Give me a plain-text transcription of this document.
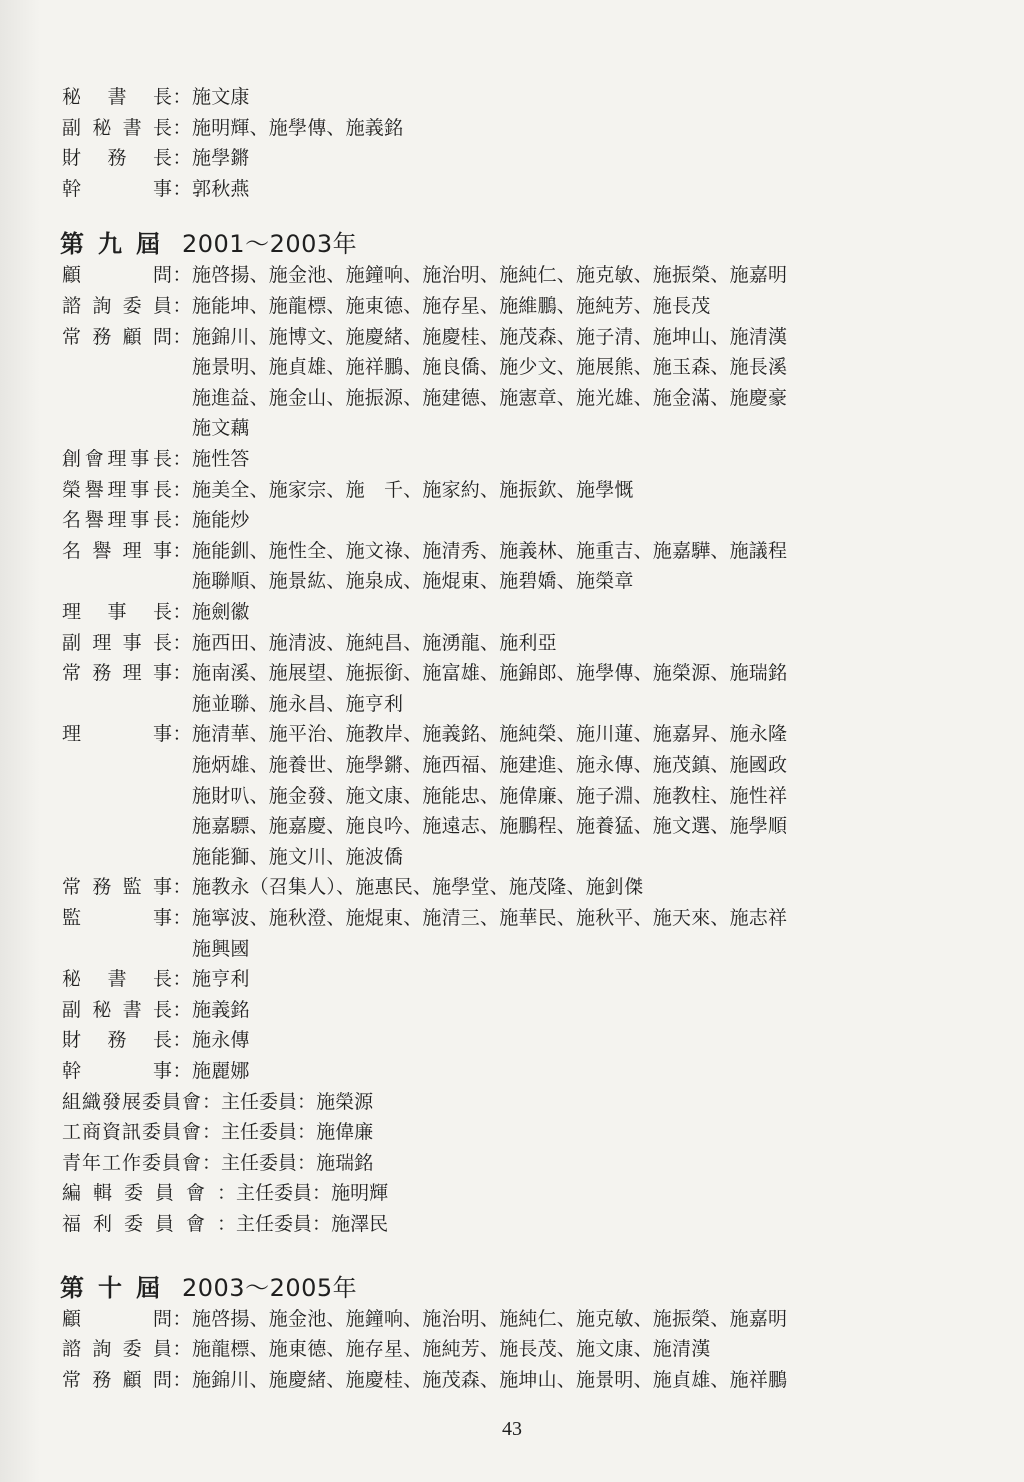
秘 書 長 ： 施文康
副 秘 書 長 ： 施明輝、施學傳、施義銘
財 務 長 ： 施學鏘
幹	事 ： 郭秋燕
第九屆 2001～2003年
顧	問 ： 施啓揚、施金池、施鐘响、施治明、施純仁、施克敏、施振榮、施嘉明
諮 詢 委 員 ： 施能坤、施龍標、施東德、施存星、施維鵬、施純芳、施長茂
常 務 顧 問 ： 施錦川、施博文、施慶緒、施慶桂、施茂森、施子清、施坤山、施清漢
施景明、施貞雄、施祥鵬、施良僑、施少文、施展熊、施玉森、施長溪
施進益、施金山、施振源、施建德、施憲章、施光雄、施金滿、施慶豪
施文藕
創 會 理 事 長 ： 施性答
榮 譽 理 事 長 ： 施美全、施家宗、施　千、施家約、施振欽、施學慨
名 譽 理 事 長 ： 施能炒
名 譽 理 事 ： 施能釧、施性全、施文祿、施清秀、施義林、施重吉、施嘉驊、施議程
施聯順、施景紘、施泉成、施焜東、施碧嬌、施榮章
理 事 長 ： 施劍徽
副 理 事 長 ： 施西田、施清波、施純昌、施湧龍、施利亞
常 務 理 事 ： 施南溪、施展望、施振銜、施富雄、施錦郎、施學傳、施榮源、施瑞銘
施並聯、施永昌、施亨利
理	事 ： 施清華、施平治、施教岸、施義銘、施純榮、施川蓮、施嘉昇、施永隆
施炳雄、施養世、施學鏘、施西福、施建進、施永傳、施茂鎮、施國政
施財叭、施金發、施文康、施能忠、施偉廉、施子淵、施教柱、施性祥
施嘉驃、施嘉慶、施良吟、施遠志、施鵬程、施養猛、施文選、施學順
施能獅、施文川、施波僑
常 務 監 事 ： 施教永（召集人）、施惠民、施學堂、施茂隆、施釗傑
監	事 ： 施寧波、施秋澄、施焜東、施清三、施華民、施秋平、施天來、施志祥
施興國
秘 書 長 ： 施亨利
副 秘 書 長 ： 施義銘
財 務 長 ： 施永傳
幹	事 ： 施麗娜
組織發展委員會：主任委員：施榮源
工商資訊委員會：主任委員：施偉廉
青年工作委員會：主任委員：施瑞銘
編輯委員會：主任委員：施明輝
福利委員會：主任委員：施澤民
第十屆 2003～2005年
顧	問 ： 施啓揚、施金池、施鐘响、施治明、施純仁、施克敏、施振榮、施嘉明
諮 詢 委 員 ： 施龍標、施東德、施存星、施純芳、施長茂、施文康、施清漢
常 務 顧 問 ： 施錦川、施慶緒、施慶桂、施茂森、施坤山、施景明、施貞雄、施祥鵬
43
